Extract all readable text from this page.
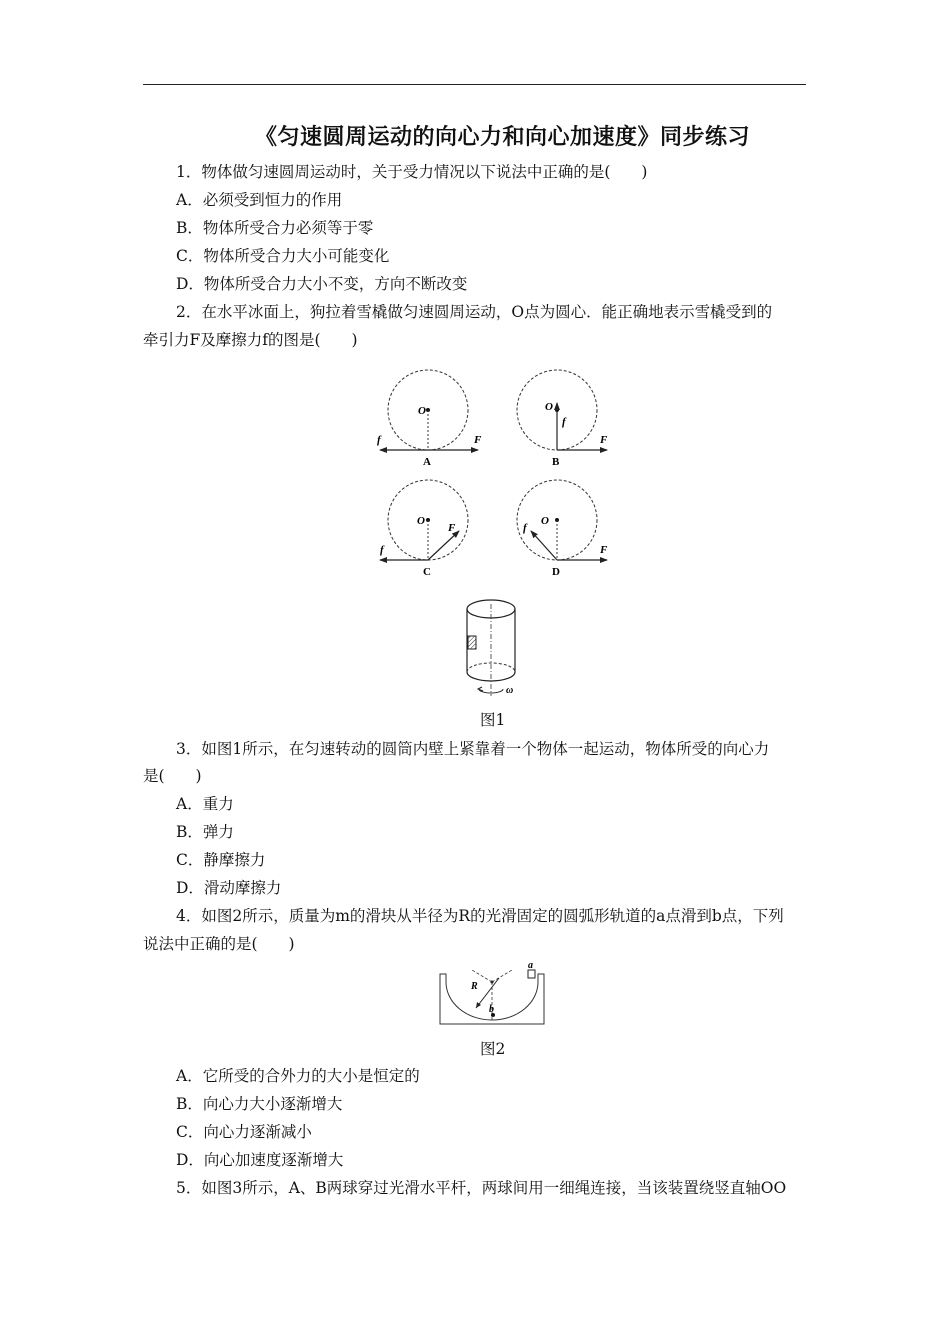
《匀速圆周运动的向心力和向心加速度》同步练习
1．物体做匀速圆周运动时，关于受力情况以下说法中正确的是(　　)
A．必须受到恒力的作用
B．物体所受合力必须等于零
C．物体所受合力大小可能变化
D．物体所受合力大小不变，方向不断改变
2．在水平冰面上，狗拉着雪橇做匀速圆周运动，O点为圆心．能正确地表示雪橇受到的
牵引力F及摩擦力f的图是(　　)
O
f	F
A
O
f
F
B
O
f
F
C
O
f
F
D
ω
图1
3．如图1所示，在匀速转动的圆筒内壁上紧靠着一个物体一起运动，物体所受的向心力
是(　　)
A．重力
B．弹力
C．静摩擦力
D．滑动摩擦力
4．如图2所示，质量为m的滑块从半径为R的光滑固定的圆弧形轨道的a点滑到b点，下列
说法中正确的是(　　)
R
a
b
图2
A．它所受的合外力的大小是恒定的
B．向心力大小逐渐增大
C．向心力逐渐减小
D．向心加速度逐渐增大
5．如图3所示，A、B两球穿过光滑水平杆，两球间用一细绳连接，当该装置绕竖直轴OO
